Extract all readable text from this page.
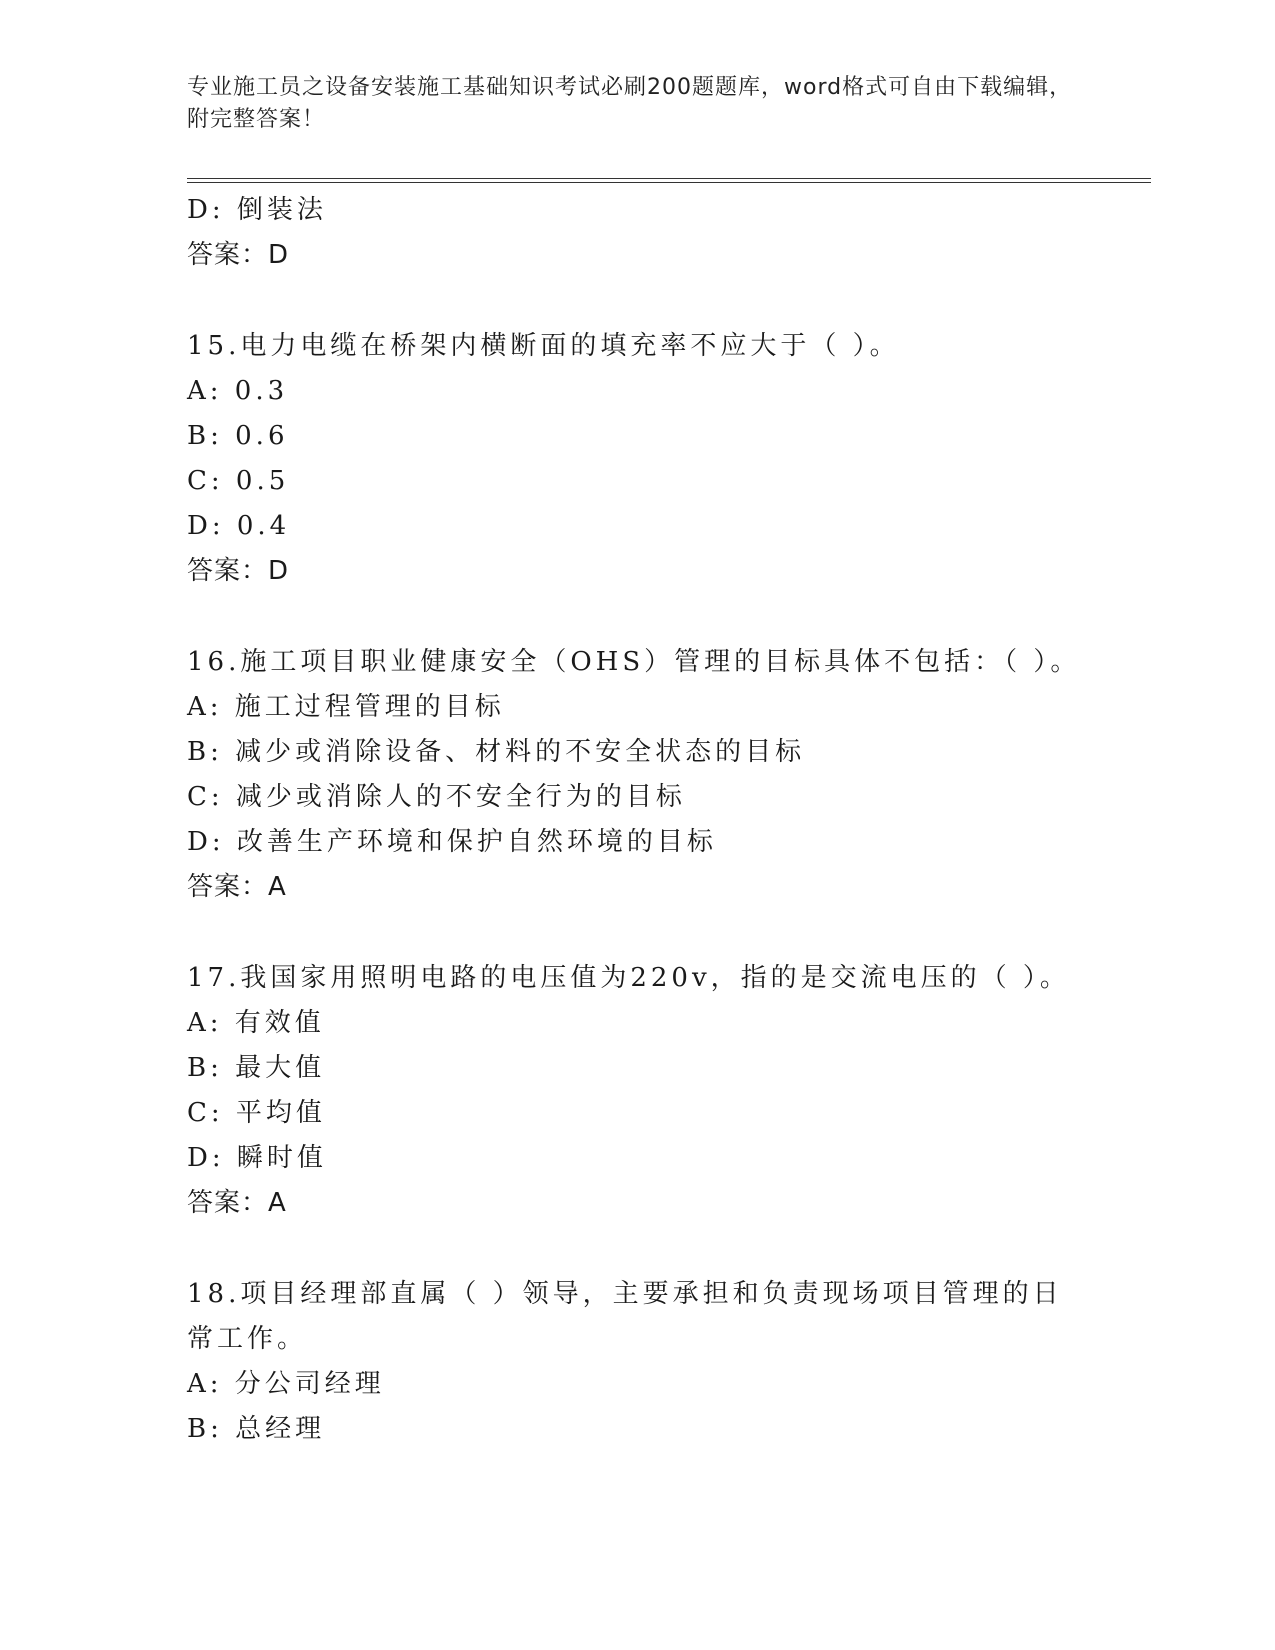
专业施工员之设备安装施工基础知识考试必刷200题题库，word格式可自由下载编辑，附完整答案！
D: 倒装法
答案：D
15.电力电缆在桥架内横断面的填充率不应大于（ ）。
A: 0.3
B: 0.6
C: 0.5
D: 0.4
答案：D
16.施工项目职业健康安全（OHS）管理的目标具体不包括：（ ）。
A: 施工过程管理的目标
B: 减少或消除设备、材料的不安全状态的目标
C: 减少或消除人的不安全行为的目标
D: 改善生产环境和保护自然环境的目标
答案：A
17.我国家用照明电路的电压值为220v，指的是交流电压的（ ）。
A: 有效值
B: 最大值
C: 平均值
D: 瞬时值
答案：A
18.项目经理部直属（ ）领导，主要承担和负责现场项目管理的日常工作。
A: 分公司经理
B: 总经理
